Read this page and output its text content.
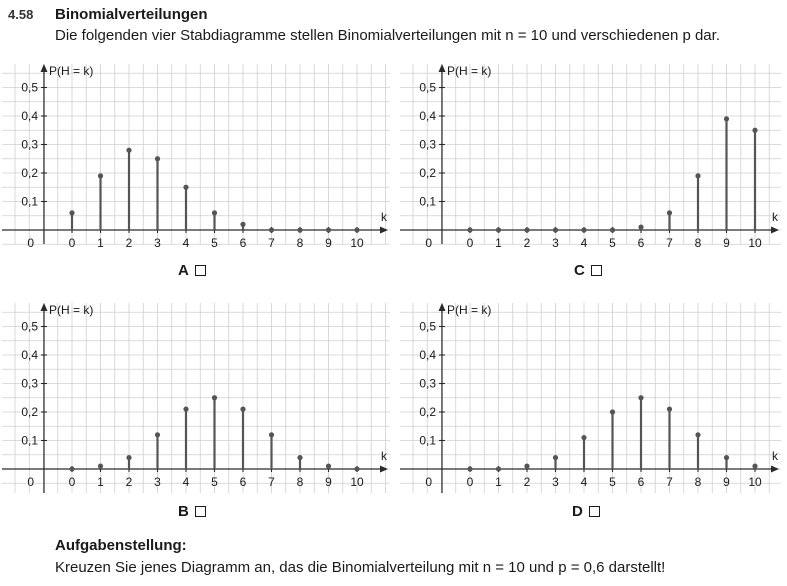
4.58 Binomialverteilungen
Die folgenden vier Stabdiagramme stellen Binomialverteilungen mit n = 10 und verschiedenen p dar.
P(H = k)
k
0
0,1
0,2
0,3
0,4
0,5
0 1 2 3 4 5 6 7 8 9 10
A
P(H = k)
k
0
0,1
0,2
0,3
0,4
0,5
0 1 2 3 4 5 6 7 8 9 10
C
P(H = k)
k
0
0,1
0,2
0,3
0,4
0,5
0 1 2 3 4 5 6 7 8 9 10
B
P(H = k)
k
0
0,1
0,2
0,3
0,4
0,5
0 1 2 3 4 5 6 7 8 9 10
D
Aufgabenstellung:
Kreuzen Sie jenes Diagramm an, das die Binomialverteilung mit n = 10 und p = 0,6 darstellt!
